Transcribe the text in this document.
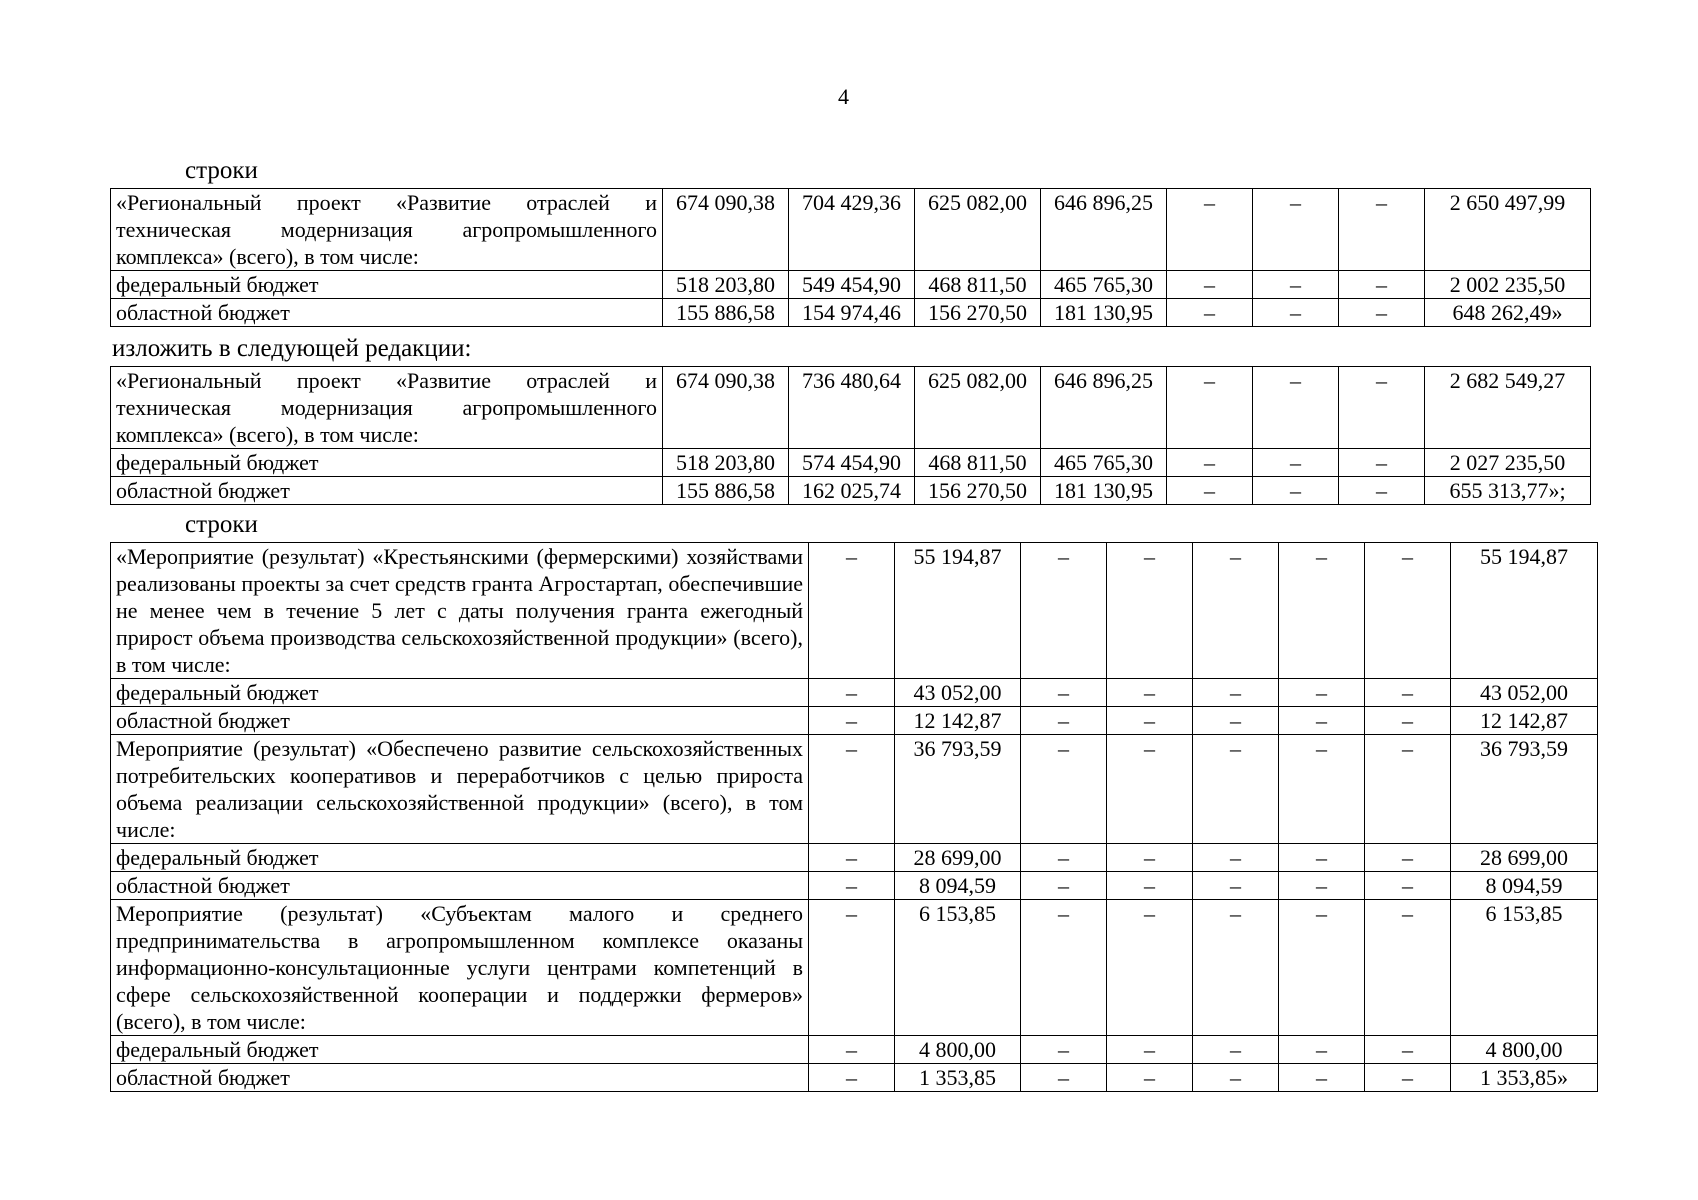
4
строки
«Региональный проект «Развитие отраслей и техническая модернизация агропромышленного комплекса» (всего), в том числе:	674 090,38	704 429,36	625 082,00	646 896,25	–	–	–	2 650 497,99
федеральный бюджет	518 203,80	549 454,90	468 811,50	465 765,30	–	–	–	2 002 235,50
областной бюджет	155 886,58	154 974,46	156 270,50	181 130,95	–	–	–	648 262,49»
изложить в следующей редакции:
«Региональный проект «Развитие отраслей и техническая модернизация агропромышленного комплекса» (всего), в том числе:	674 090,38	736 480,64	625 082,00	646 896,25	–	–	–	2 682 549,27
федеральный бюджет	518 203,80	574 454,90	468 811,50	465 765,30	–	–	–	2 027 235,50
областной бюджет	155 886,58	162 025,74	156 270,50	181 130,95	–	–	–	655 313,77»;
строки
«Мероприятие (результат) «Крестьянскими (фермерскими) хозяйствами реализованы проекты за счет средств гранта Агростартап, обеспечившие не менее чем в течение 5 лет с даты получения гранта ежегодный прирост объема производства сельскохозяйственной продукции» (всего), в том числе:	–	55 194,87	–	–	–	–	–	55 194,87
федеральный бюджет	–	43 052,00	–	–	–	–	–	43 052,00
областной бюджет	–	12 142,87	–	–	–	–	–	12 142,87
Мероприятие (результат) «Обеспечено развитие сельскохозяйственных потребительских кооперативов и переработчиков с целью прироста объема реализации сельскохозяйственной продукции» (всего), в том числе:	–	36 793,59	–	–	–	–	–	36 793,59
федеральный бюджет	–	28 699,00	–	–	–	–	–	28 699,00
областной бюджет	–	8 094,59	–	–	–	–	–	8 094,59
Мероприятие (результат) «Субъектам малого и среднего предпринимательства в агропромышленном комплексе оказаны информационно-консультационные услуги центрами компетенций в сфере сельскохозяйственной кооперации и поддержки фермеров» (всего), в том числе:	–	6 153,85	–	–	–	–	–	6 153,85
федеральный бюджет	–	4 800,00	–	–	–	–	–	4 800,00
областной бюджет	–	1 353,85	–	–	–	–	–	1 353,85»
